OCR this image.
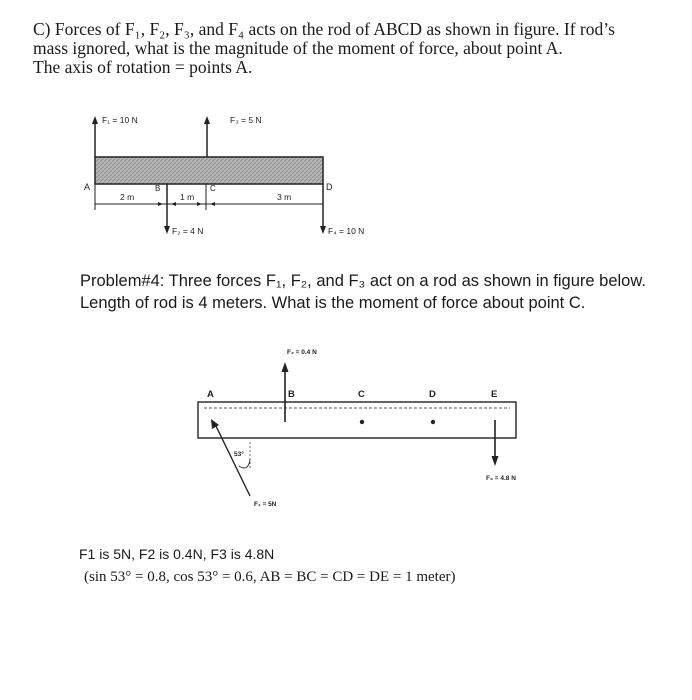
C) Forces of F₁, F₂, F₃, and F₄ acts on the rod of ABCD as shown in figure. If rod’s
mass ignored, what is the magnitude of the moment of force, about point A.
The axis of rotation = points A.
F₁ = 10 N	F₃ = 5 N
F₂ = 4 N	F₄ = 10 N
A	B	C	D
2 m	1 m	3 m
Problem#4: Three forces F₁, F₂, and F₃ act on a rod as shown in figure below.
Length of rod is 4 meters. What is the moment of force about point C.
A	B	C	D	E
F₂ = 0.4 N
F₃ = 4.8 N
53°
F₁ = 5N
F1 is 5N, F2 is 0.4N, F3 is 4.8N
(sin 53° = 0.8, cos 53° = 0.6, AB = BC = CD = DE = 1 meter)
